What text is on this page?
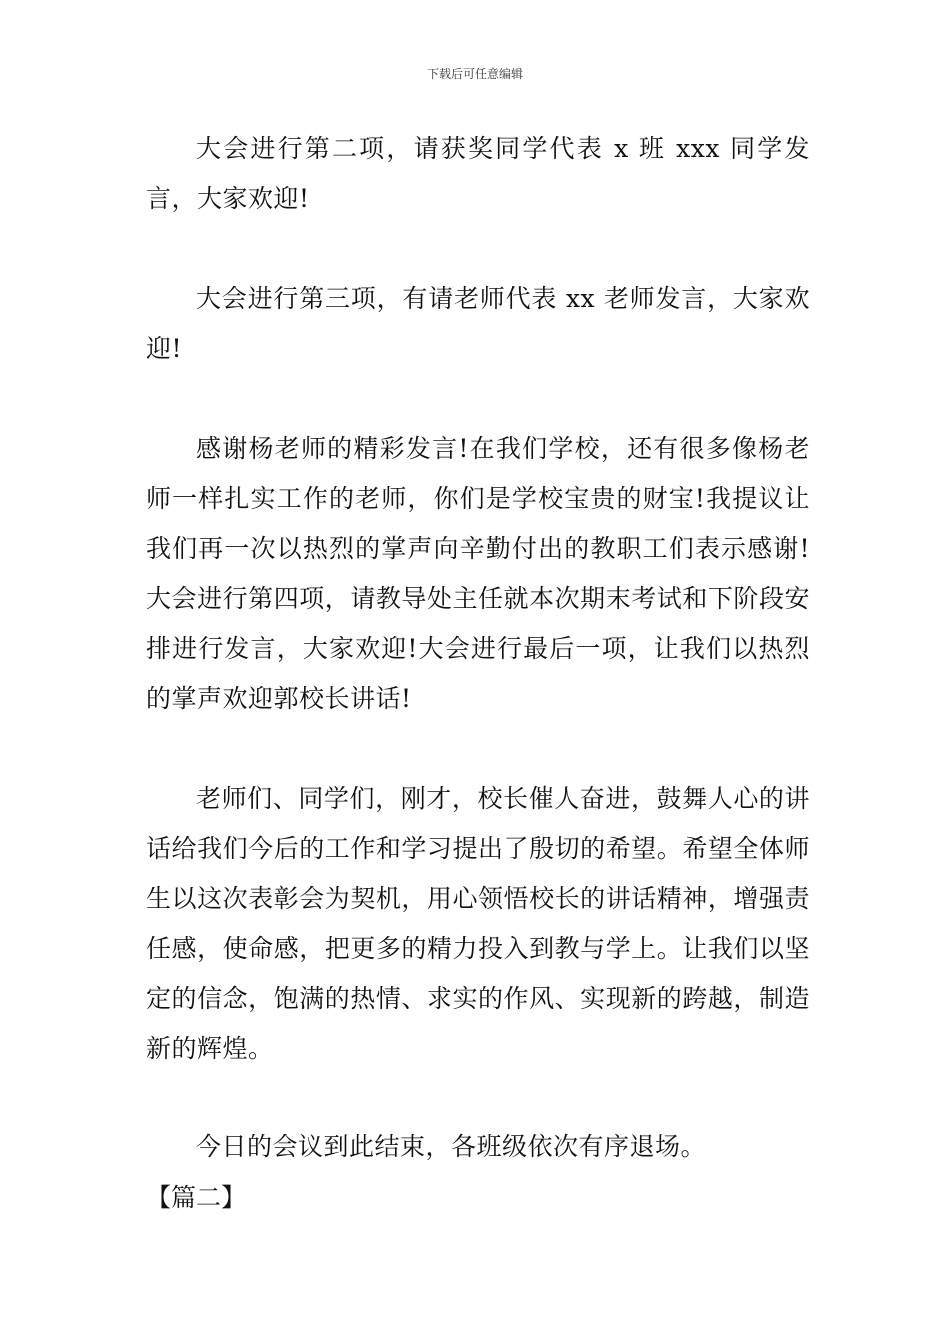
下载后可任意编辑

大会进行第二项，请获奖同学代表 x 班 xxx 同学发言，大家欢迎!

大会进行第三项，有请老师代表 xx 老师发言，大家欢迎!

感谢杨老师的精彩发言!在我们学校，还有很多像杨老师一样扎实工作的老师，你们是学校宝贵的财宝!我提议让我们再一次以热烈的掌声向辛勤付出的教职工们表示感谢!大会进行第四项，请教导处主任就本次期末考试和下阶段安排进行发言，大家欢迎!大会进行最后一项，让我们以热烈的掌声欢迎郭校长讲话!

老师们、同学们，刚才，校长催人奋进，鼓舞人心的讲话给我们今后的工作和学习提出了殷切的希望。希望全体师生以这次表彰会为契机，用心领悟校长的讲话精神，增强责任感，使命感，把更多的精力投入到教与学上。让我们以坚定的信念，饱满的热情、求实的作风、实现新的跨越，制造新的辉煌。

今日的会议到此结束，各班级依次有序退场。

【篇二】
